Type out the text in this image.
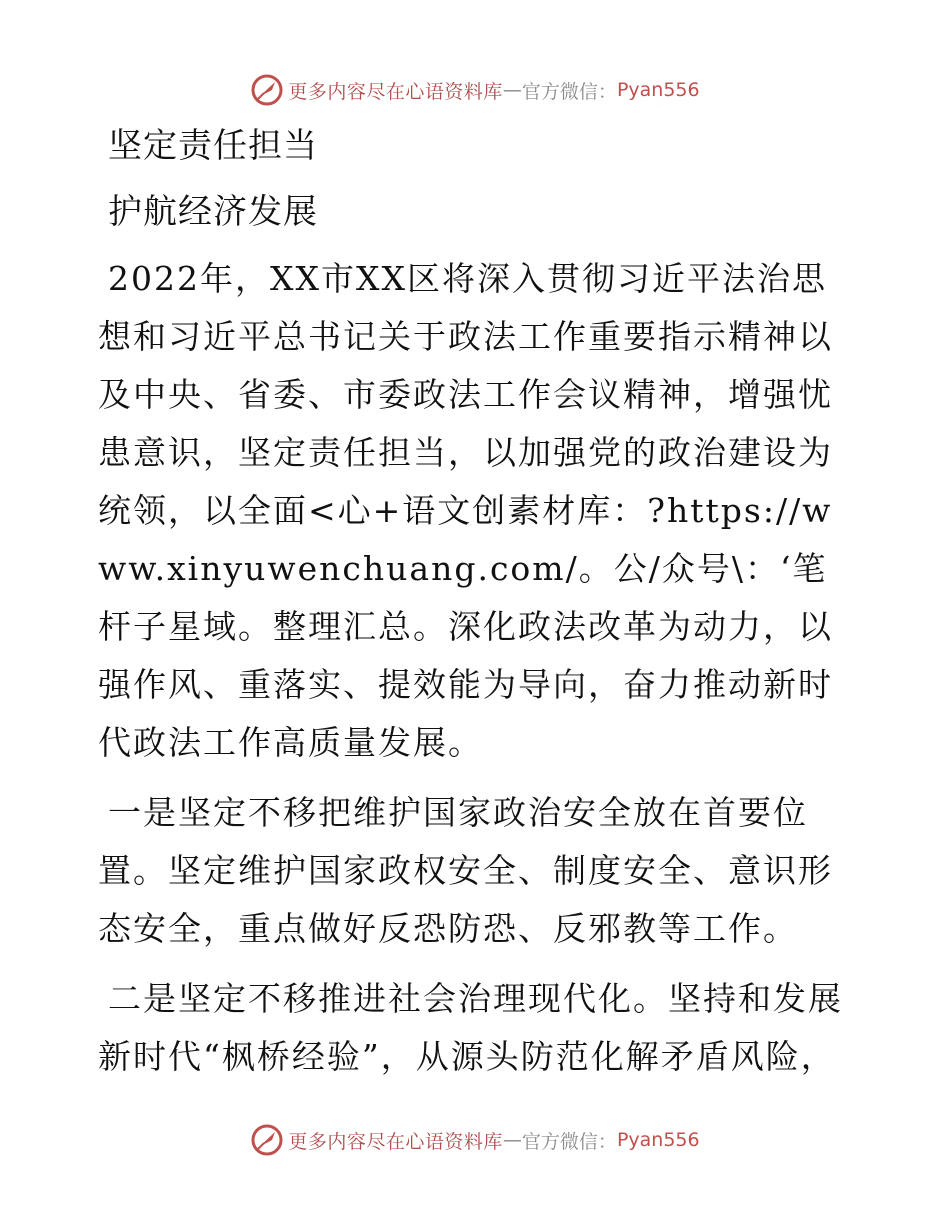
更多内容尽在心语资料库 — 官方微信： Pyan556
坚定责任担当
护航经济发展

2022年，XX市XX区将深入贯彻习近平法治思想和习近平总书记关于政法工作重要指示精神以及中央、省委、市委政法工作会议精神，增强忧患意识，坚定责任担当，以加强党的政治建设为统领，以全面<心+语文创素材库：?https://www.xinyuwenchuang.com/。公/众号\：‘笔杆子星域。整理汇总。深化政法改革为动力，以强作风、重落实、提效能为导向，奋力推动新时代政法工作高质量发展。

一是坚定不移把维护国家政治安全放在首要位置。坚定维护国家政权安全、制度安全、意识形态安全，重点做好反恐防恐、反邪教等工作。

二是坚定不移推进社会治理现代化。坚持和发展新时代“枫桥经验”，从源头防范化解矛盾风险，

更多内容尽在心语资料库 — 官方微信： Pyan556
